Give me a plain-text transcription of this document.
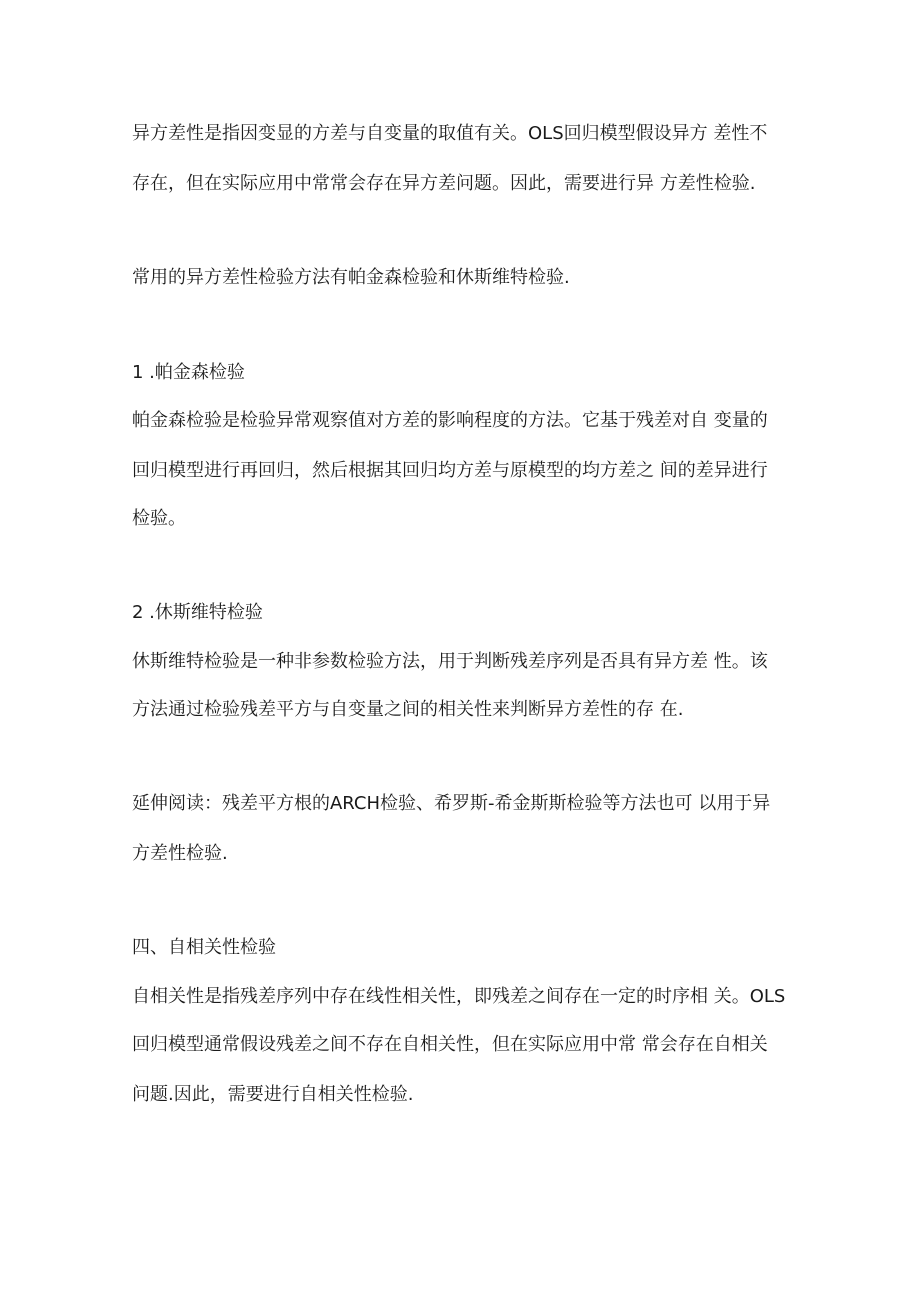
异方差性是指因变显的方差与自变量的取值有关。OLS回归模型假设异方 差性不
存在，但在实际应用中常常会存在异方差问题。因此，需要进行异 方差性检验.
常用的异方差性检验方法有帕金森检验和休斯维特检验.
1 .帕金森检验
帕金森检验是检验异常观察值对方差的影响程度的方法。它基于残差对自 变量的
回归模型进行再回归，然后根据其回归均方差与原模型的均方差之 间的差异进行
检验。
2 .休斯维特检验
休斯维特检验是一种非参数检验方法，用于判断残差序列是否具有异方差 性。该
方法通过检验残差平方与自变量之间的相关性来判断异方差性的存 在.
延伸阅读：残差平方根的ARCH检验、希罗斯-希金斯斯检验等方法也可 以用于异
方差性检验.
四、自相关性检验
自相关性是指残差序列中存在线性相关性，即残差之间存在一定的时序相 关。OLS
回归模型通常假设残差之间不存在自相关性，但在实际应用中常 常会存在自相关
问题.因此，需要进行自相关性检验.
